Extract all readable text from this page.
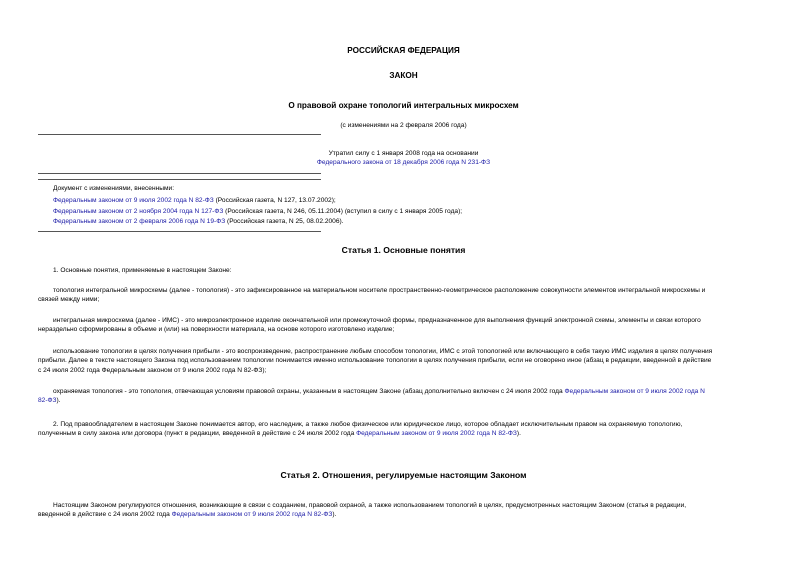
РОССИЙСКАЯ ФЕДЕРАЦИЯ
ЗАКОН
О правовой охране топологий интегральных микросхем
(с изменениями на 2 февраля 2006 года)
Утратил силу с 1 января 2008 года на основании
Федерального закона от 18 декабря 2006 года N 231-ФЗ
Документ с изменениями, внесенными:
Федеральным законом от 9 июля 2002 года N 82-ФЗ (Российская газета, N 127, 13.07.2002);
Федеральным законом от 2 ноября 2004 года N 127-ФЗ (Российская газета, N 246, 05.11.2004) (вступил в силу с 1 января 2005 года);
Федеральным законом от 2 февраля 2006 года N 19-ФЗ (Российская газета, N 25, 08.02.2006).
Статья 1. Основные понятия
1. Основные понятия, применяемые в настоящем Законе:
топология интегральной микросхемы (далее - топология) - это зафиксированное на материальном носителе пространственно-геометрическое расположение совокупности элементов интегральной микросхемы и
связей между ними;
интегральная микросхема (далее - ИМС) - это микроэлектронное изделие окончательной или промежуточной формы, предназначенное для выполнения функций электронной схемы, элементы и связи которого
нераздельно сформированы в объеме и (или) на поверхности материала, на основе которого изготовлено изделие;
использование топологии в целях получения прибыли - это воспроизведение, распространение любым способом топологии, ИМС с этой топологией или включающего в себя такую ИМС изделия в целях получения
прибыли. Далее в тексте настоящего Закона под использованием топологии понимается именно использование топологии в целях получения прибыли, если не оговорено иное (абзац в редакции, введенной в действие
с 24 июля 2002 года Федеральным законом от 9 июля 2002 года N 82-ФЗ);
охраняемая топология - это топология, отвечающая условиям правовой охраны, указанным в настоящем Законе (абзац дополнительно включен с 24 июля 2002 года Федеральным законом от 9 июля 2002 года N
82-ФЗ).
2. Под правообладателем в настоящем Законе понимается автор, его наследник, а также любое физическое или юридическое лицо, которое обладает исключительным правом на охраняемую топологию,
полученным в силу закона или договора (пункт в редакции, введенной в действие с 24 июля 2002 года Федеральным законом от 9 июля 2002 года N 82-ФЗ).
Статья 2. Отношения, регулируемые настоящим Законом
Настоящим Законом регулируются отношения, возникающие в связи с созданием, правовой охраной, а также использованием топологий в целях, предусмотренных настоящим Законом (статья в редакции,
введенной в действие с 24 июля 2002 года Федеральным законом от 9 июля 2002 года N 82-ФЗ).
